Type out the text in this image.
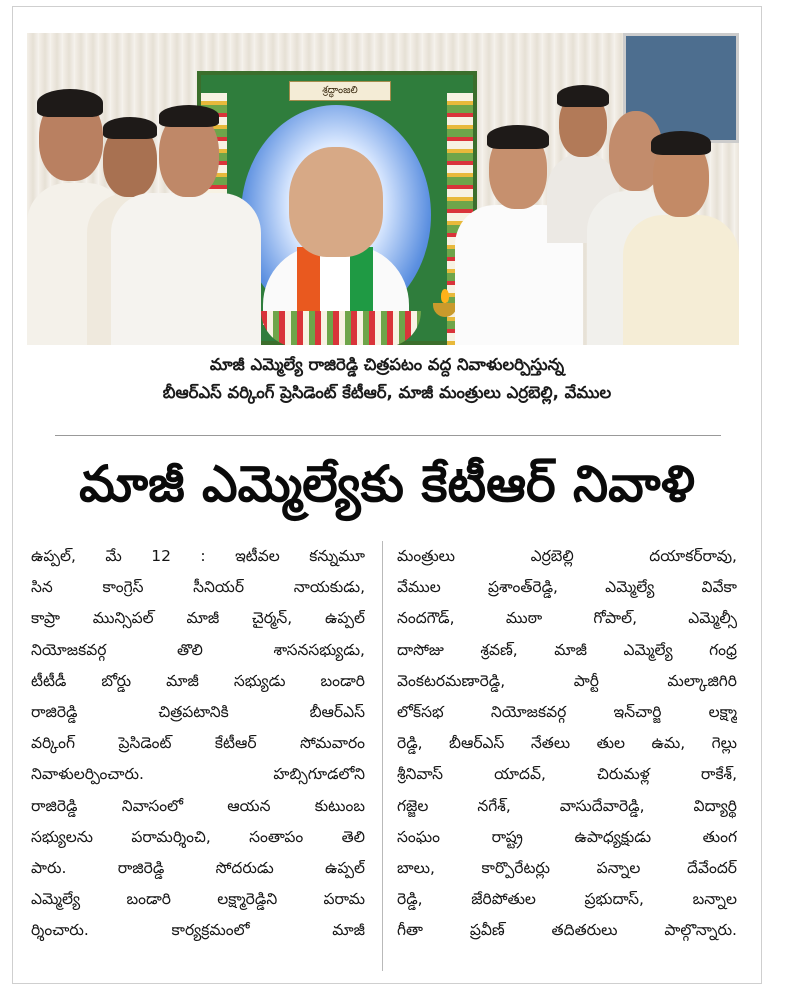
శ్రద్ధాంజలి
మాజీ ఎమ్మెల్యే రాజిరెడ్డి చిత్రపటం వద్ద నివాళులర్పిస్తున్న
బీఆర్ఎస్ వర్కింగ్ ప్రెసిడెంట్ కేటీఆర్, మాజీ మంత్రులు ఎర్రబెల్లి, వేముల
మాజీ ఎమ్మెల్యేకు కేటీఆర్ నివాళి
ఉప్పల్, మే 12 : ఇటీవల కన్నుమూ
సిన కాంగ్రెస్ సీనియర్ నాయకుడు,
కాప్రా మున్సిపల్ మాజీ చైర్మన్, ఉప్పల్
నియోజకవర్గ తొలి శాసనసభ్యుడు,
టీటీడీ బోర్డు మాజీ సభ్యుడు బండారి
రాజిరెడ్డి చిత్రపటానికి బీఆర్ఎస్
వర్కింగ్ ప్రెసిడెంట్ కేటీఆర్ సోమవారం
నివాళులర్పించారు. హబ్సిగూడలోని
రాజిరెడ్డి నివాసంలో ఆయన కుటుంబ
సభ్యులను పరామర్శించి, సంతాపం తెలి
పారు. రాజిరెడ్డి సోదరుడు ఉప్పల్
ఎమ్మెల్యే బండారి లక్ష్మారెడ్డిని పరామ
ర్శించారు. కార్యక్రమంలో మాజీ
మంత్రులు ఎర్రబెల్లి దయాకర్‌రావు,
వేముల ప్రశాంత్‌రెడ్డి, ఎమ్మెల్యే వివేకా
నందగౌడ్, ముఠా గోపాల్, ఎమ్మెల్సీ
దాసోజు శ్రవణ్, మాజీ ఎమ్మెల్యే గంధ్ర
వెంకటరమణారెడ్డి, పార్టీ మల్కాజిగిరి
లోక్‌సభ నియోజకవర్గ ఇన్‌చార్జి లక్ష్మా
రెడ్డి, బీఆర్ఎస్ నేతలు తుల ఉమ, గెల్లు
శ్రీనివాస్ యాదవ్, చిరుమళ్ల రాకేశ్,
గజ్జెల నగేశ్, వాసుదేవారెడ్డి, విద్యార్థి
సంఘం రాష్ట్ర ఉపాధ్యక్షుడు తుంగ
బాలు, కార్పొరేటర్లు పన్నాల దేవేందర్
రెడ్డి, జేరిపోతుల ప్రభుదాస్, బన్నాల
గీతా ప్రవీణ్ తదితరులు పాల్గొన్నారు.
